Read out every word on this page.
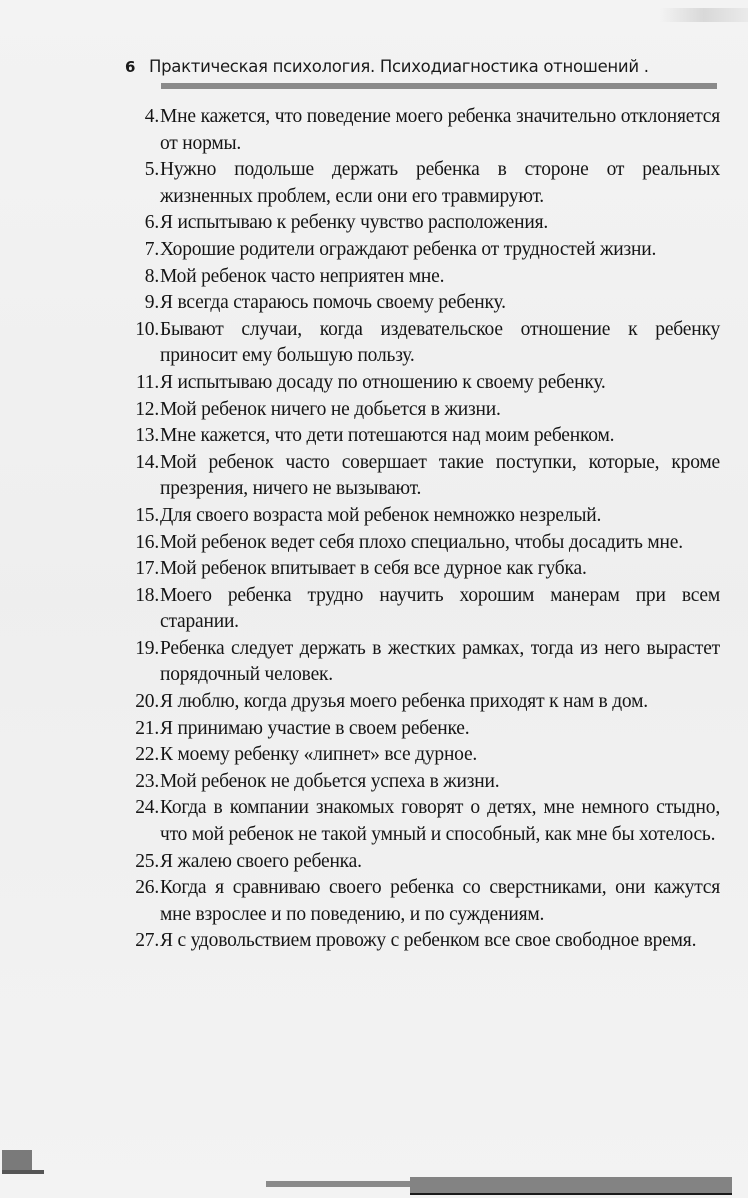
6 Практическая психология. Психодиагностика отношений .
4. Мне кажется, что поведение моего ребенка значительно отклоняется от нормы.
5. Нужно подольше держать ребенка в стороне от реальных жизненных проблем, если они его травмируют.
6. Я испытываю к ребенку чувство расположения.
7. Хорошие родители ограждают ребенка от трудностей жизни.
8. Мой ребенок часто неприятен мне.
9. Я всегда стараюсь помочь своему ребенку.
10. Бывают случаи, когда издевательское отношение к ребенку приносит ему большую пользу.
11. Я испытываю досаду по отношению к своему ребенку.
12. Мой ребенок ничего не добьется в жизни.
13. Мне кажется, что дети потешаются над моим ребенком.
14. Мой ребенок часто совершает такие поступки, которые, кроме презрения, ничего не вызывают.
15. Для своего возраста мой ребенок немножко незрелый.
16. Мой ребенок ведет себя плохо специально, чтобы досадить мне.
17. Мой ребенок впитывает в себя все дурное как губка.
18. Моего ребенка трудно научить хорошим манерам при всем старании.
19. Ребенка следует держать в жестких рамках, тогда из него вырастет порядочный человек.
20. Я люблю, когда друзья моего ребенка приходят к нам в дом.
21. Я принимаю участие в своем ребенке.
22. К моему ребенку «липнет» все дурное.
23. Мой ребенок не добьется успеха в жизни.
24. Когда в компании знакомых говорят о детях, мне немного стыдно, что мой ребенок не такой умный и способный, как мне бы хотелось.
25. Я жалею своего ребенка.
26. Когда я сравниваю своего ребенка со сверстниками, они кажутся мне взрослее и по поведению, и по суждениям.
27. Я с удовольствием провожу с ребенком все свое свободное время.
